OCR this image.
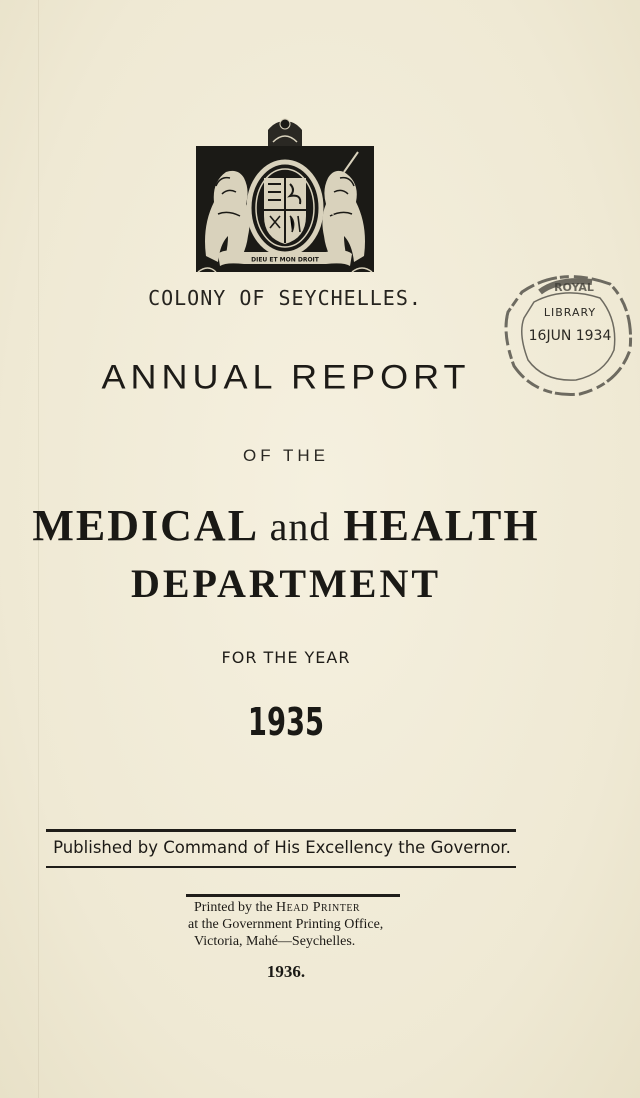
DIEU ET MON DROIT
ROYAL
LIBRARY
16JUN 1934
COLONY OF SEYCHELLES.
ANNUAL REPORT
OF THE
MEDICAL and HEALTH
DEPARTMENT
FOR THE YEAR
1935
Published by Command of His Excellency the Governor.
Printed by the Head Printer
at the Government Printing Office,
Victoria, Mahé—Seychelles.
1936.
